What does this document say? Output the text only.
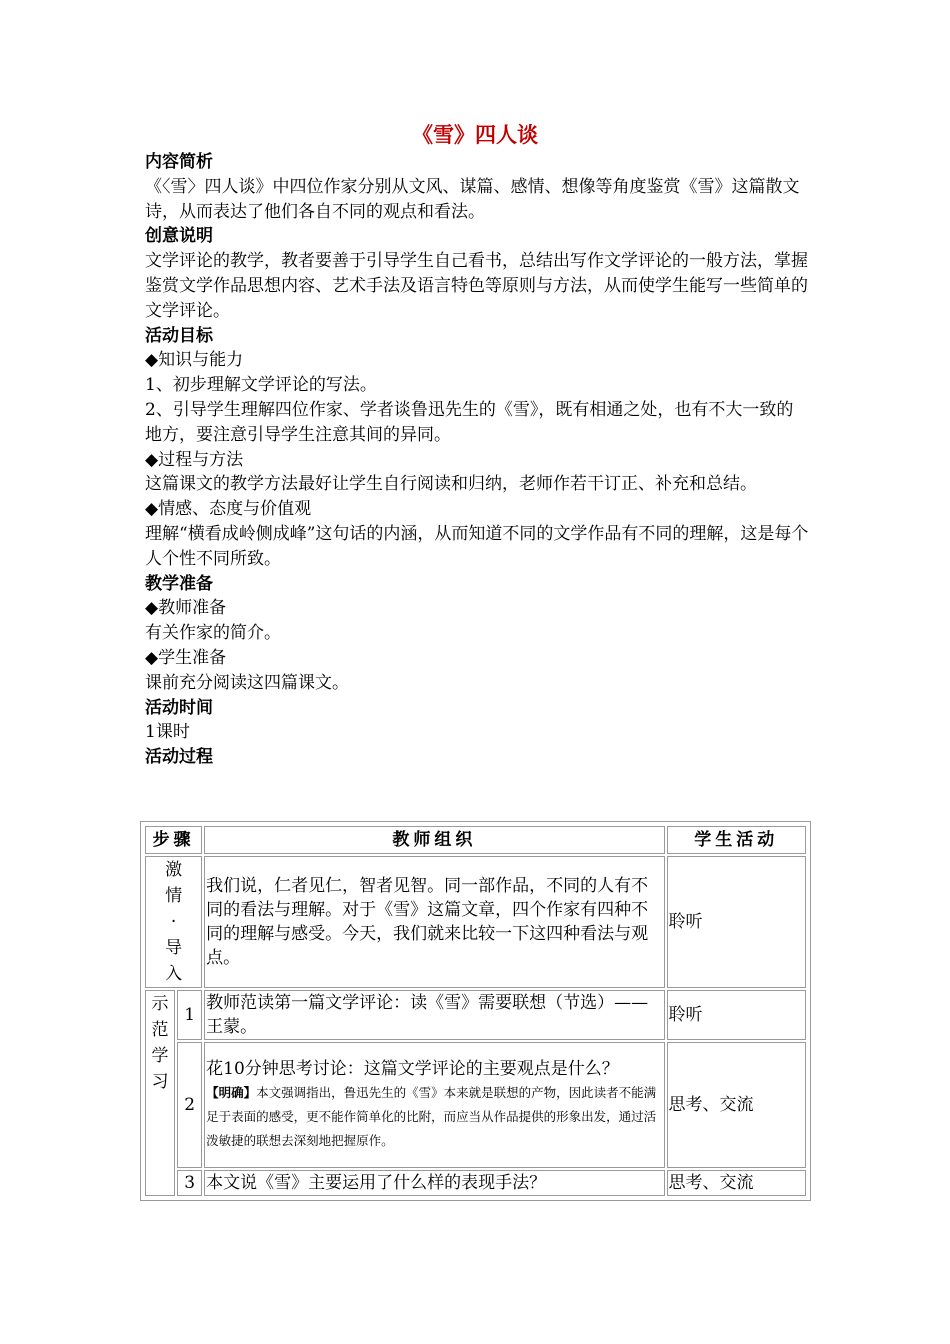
《雪》四人谈

内容简析

《〈雪〉四人谈》中四位作家分别从文风、谋篇、感情、想像等角度鉴赏《雪》这篇散文诗，从而表达了他们各自不同的观点和看法。

创意说明

文学评论的教学，教者要善于引导学生自己看书，总结出写作文学评论的一般方法，掌握鉴赏文学作品思想内容、艺术手法及语言特色等原则与方法，从而使学生能写一些简单的文学评论。

活动目标

◆知识与能力

1、初步理解文学评论的写法。

2、引导学生理解四位作家、学者谈鲁迅先生的《雪》，既有相通之处，也有不大一致的地方，要注意引导学生注意其间的异同。

◆过程与方法

这篇课文的教学方法最好让学生自行阅读和归纳，老师作若干订正、补充和总结。

◆情感、态度与价值观

理解“横看成岭侧成峰”这句话的内涵，从而知道不同的文学作品有不同的理解，这是每个人个性不同所致。

教学准备

◆教师准备

有关作家的简介。

◆学生准备

课前充分阅读这四篇课文。

活动时间

1课时

活动过程

步骤		教师组织	学生活动

激
情
·
导
入		我们说，仁者见仁，智者见智。同一部作品，不同的人有不同的看法与理解。对于《雪》这篇文章，四个作家有四种不同的理解与感受。今天，我们就来比较一下这四种看法与观点。	聆听

示
范
学
习	1	教师范读第一篇文学评论：读《雪》需要联想（节选）——王蒙。	聆听
	2	花10分钟思考讨论：这篇文学评论的主要观点是什么？
【明确】本文强调指出，鲁迅先生的《雪》本来就是联想的产物，因此读者不能满足于表面的感受，更不能作简单化的比附，而应当从作品提供的形象出发，通过活泼敏捷的联想去深刻地把握原作。	思考、交流
	3	本文说《雪》主要运用了什么样的表现手法？	思考、交流
